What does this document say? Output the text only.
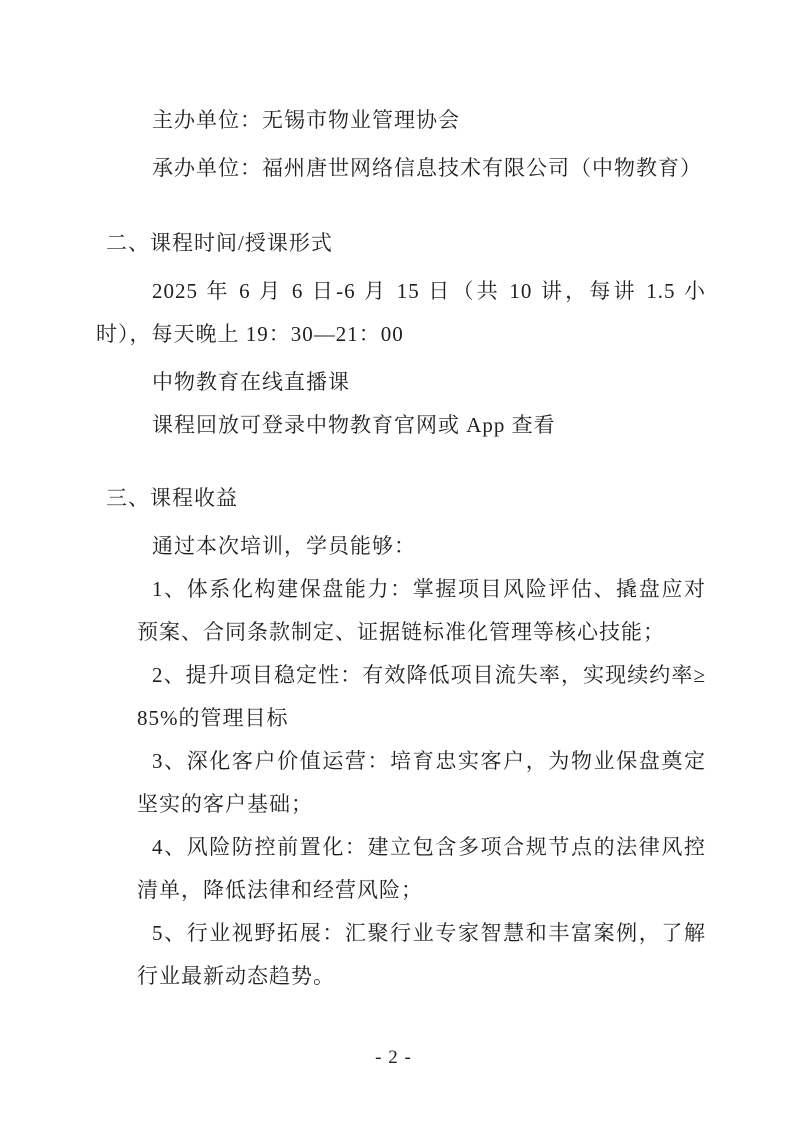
主办单位：无锡市物业管理协会

承办单位：福州唐世网络信息技术有限公司（中物教育）

二、课程时间/授课形式

2025 年 6 月 6 日-6 月 15 日（共 10 讲，每讲 1.5 小时），每天晚上 19：30—21：00

中物教育在线直播课

课程回放可登录中物教育官网或 App 查看

三、课程收益

通过本次培训，学员能够：

1、体系化构建保盘能力：掌握项目风险评估、撬盘应对预案、合同条款制定、证据链标准化管理等核心技能；

2、提升项目稳定性：有效降低项目流失率，实现续约率≥85%的管理目标

3、深化客户价值运营：培育忠实客户，为物业保盘奠定坚实的客户基础；

4、风险防控前置化：建立包含多项合规节点的法律风控清单，降低法律和经营风险；

5、行业视野拓展：汇聚行业专家智慧和丰富案例，了解行业最新动态趋势。

- 2 -
